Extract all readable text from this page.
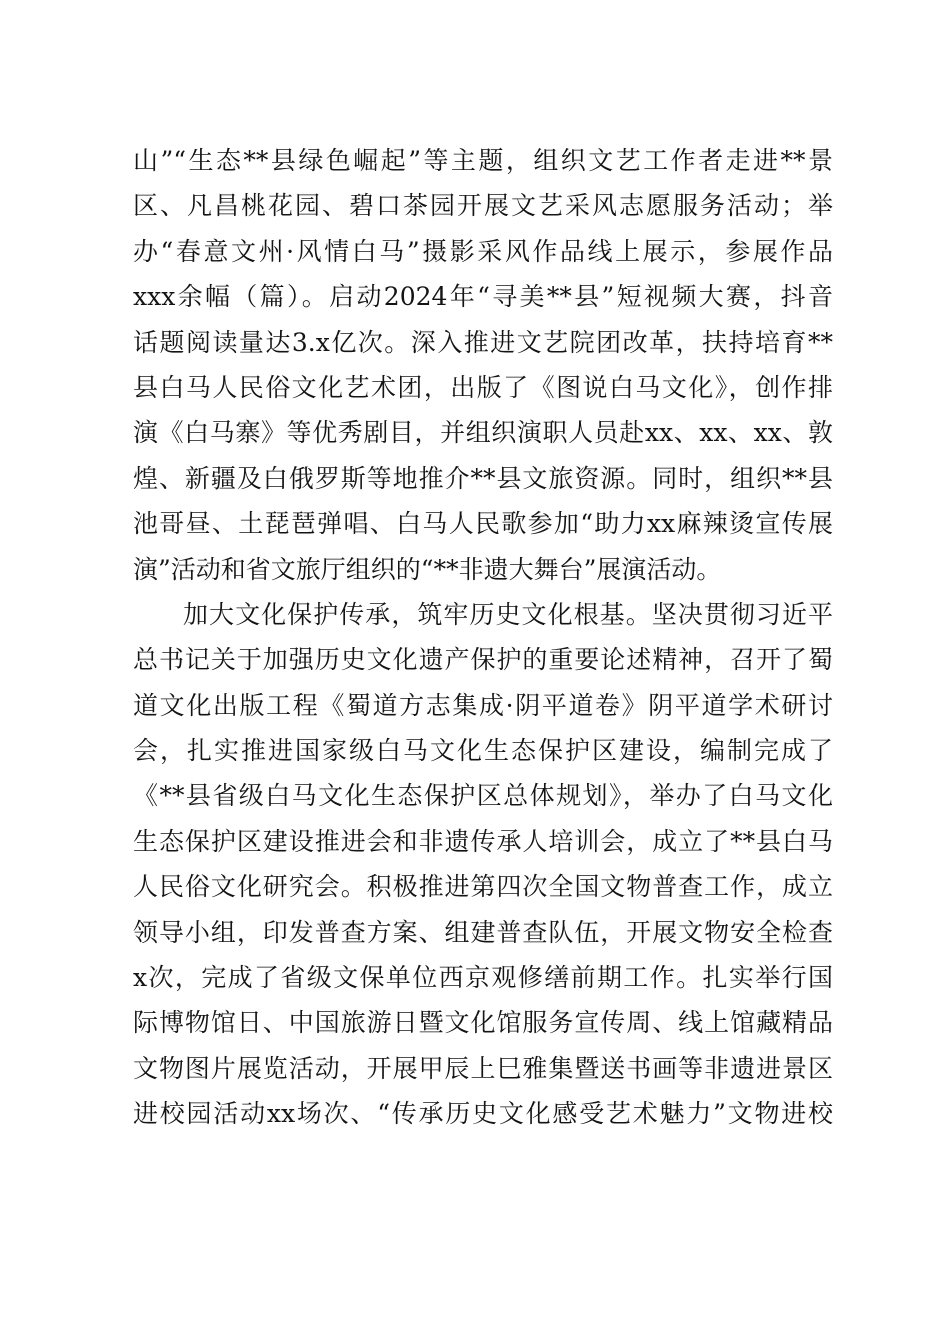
山”“生态**县绿色崛起”等主题，组织文艺工作者走进**景
区、凡昌桃花园、碧口茶园开展文艺采风志愿服务活动；举
办“春意文州·风情白马”摄影采风作品线上展示，参展作品
xxx余幅（篇）。启动2024年“寻美**县”短视频大赛，抖音
话题阅读量达3.x亿次。深入推进文艺院团改革，扶持培育**
县白马人民俗文化艺术团，出版了《图说白马文化》，创作排
演《白马寨》等优秀剧目，并组织演职人员赴xx、xx、xx、敦
煌、新疆及白俄罗斯等地推介**县文旅资源。同时，组织**县
池哥昼、土琵琶弹唱、白马人民歌参加“助力xx麻辣烫宣传展
演”活动和省文旅厅组织的“**非遗大舞台”展演活动。
加大文化保护传承，筑牢历史文化根基。坚决贯彻习近平
总书记关于加强历史文化遗产保护的重要论述精神，召开了蜀
道文化出版工程《蜀道方志集成·阴平道卷》阴平道学术研讨
会，扎实推进国家级白马文化生态保护区建设，编制完成了
《**县省级白马文化生态保护区总体规划》，举办了白马文化
生态保护区建设推进会和非遗传承人培训会，成立了**县白马
人民俗文化研究会。积极推进第四次全国文物普查工作，成立
领导小组，印发普查方案、组建普查队伍，开展文物安全检查
x次，完成了省级文保单位西京观修缮前期工作。扎实举行国
际博物馆日、中国旅游日暨文化馆服务宣传周、线上馆藏精品
文物图片展览活动，开展甲辰上巳雅集暨送书画等非遗进景区
进校园活动xx场次、“传承历史文化感受艺术魅力”文物进校
